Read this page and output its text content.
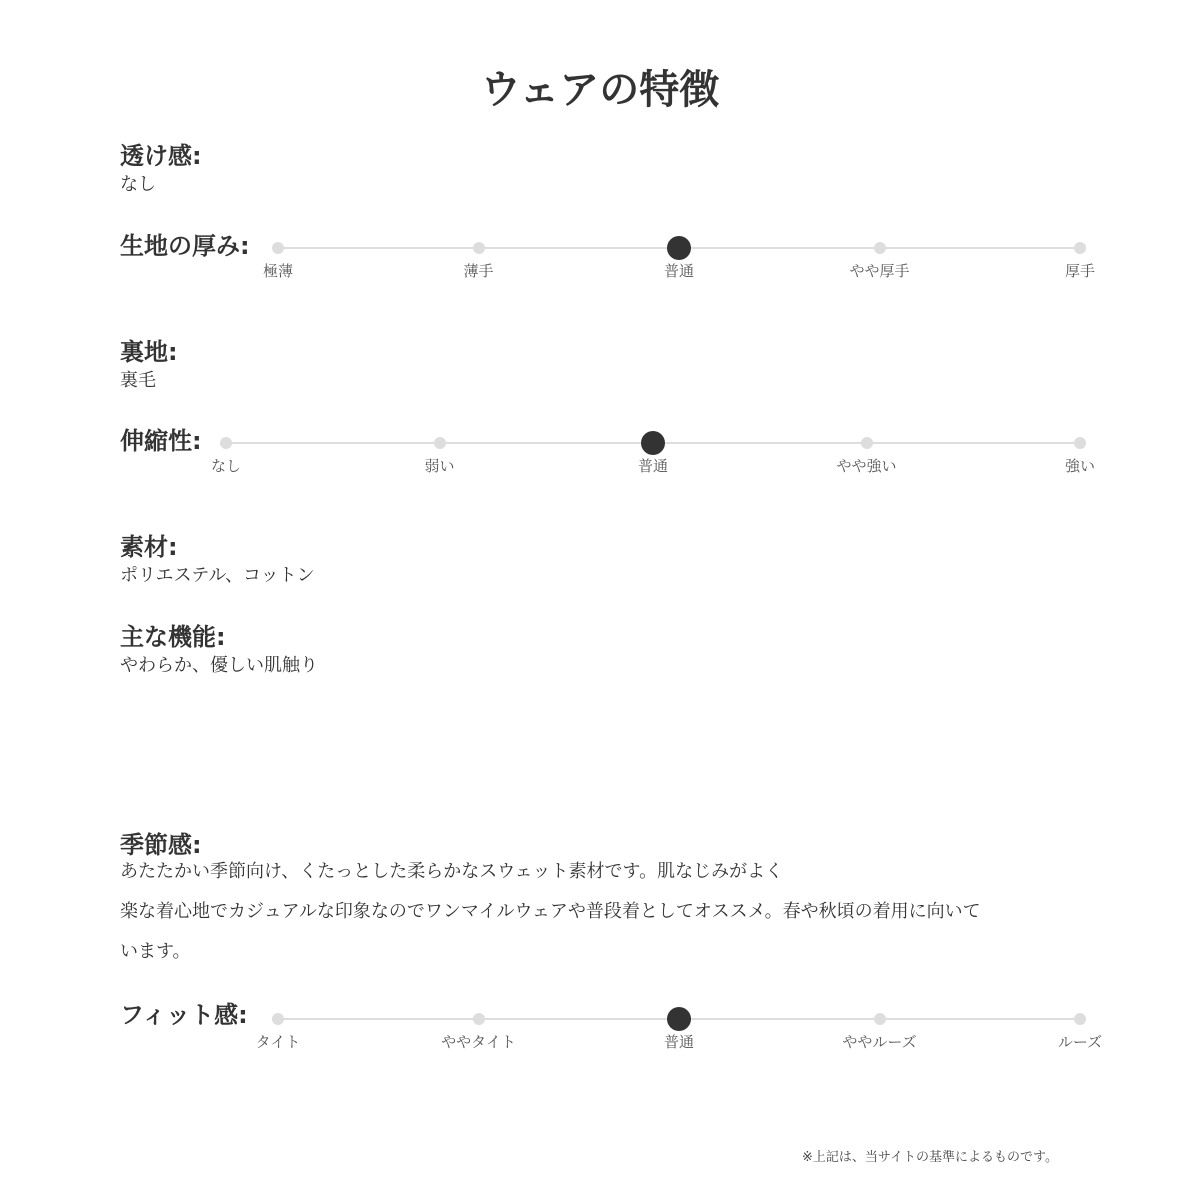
ウェアの特徴
透け感:
なし
生地の厚み:
極薄	薄手	普通	やや厚手	厚手
裏地:
裏毛
伸縮性:
なし	弱い	普通	やや強い	強い
素材:
ポリエステル、コットン
主な機能:
やわらか、優しい肌触り
季節感:
あたたかい季節向け、くたっとした柔らかなスウェット素材です。肌なじみがよく
楽な着心地でカジュアルな印象なのでワンマイルウェアや普段着としてオススメ。春や秋頃の着用に向いて
います。
フィット感:
タイト	ややタイト	普通	ややルーズ	ルーズ
※上記は、当サイトの基準によるものです。
